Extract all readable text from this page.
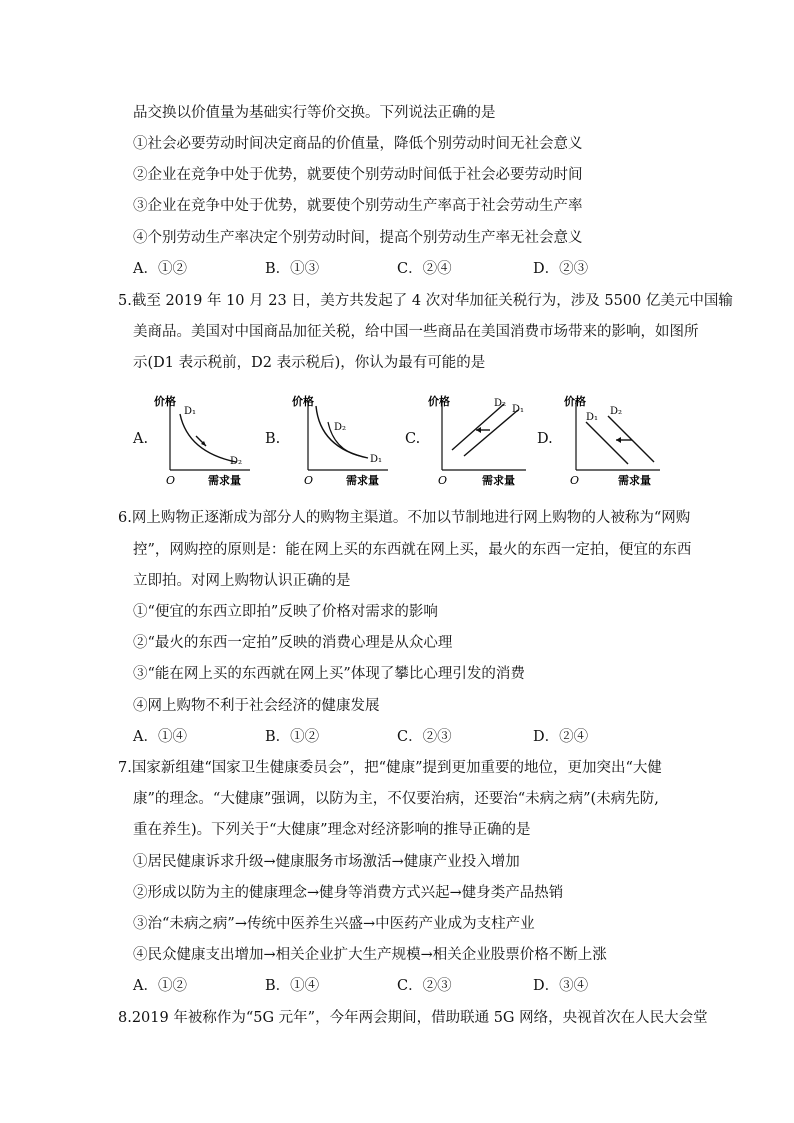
品交换以价值量为基础实行等价交换。下列说法正确的是
①社会必要劳动时间决定商品的价值量，降低个别劳动时间无社会意义
②企业在竞争中处于优势，就要使个别劳动时间低于社会必要劳动时间
③企业在竞争中处于优势，就要使个别劳动生产率高于社会劳动生产率
④个别劳动生产率决定个别劳动时间，提高个别劳动生产率无社会意义
A．①②	B．①③	C．②④	D．②③
5.截至 2019 年 10 月 23 日，美方共发起了 4 次对华加征关税行为，涉及 5500 亿美元中国输
美商品。美国对中国商品加征关税，给中国一些商品在美国消费市场带来的影响，如图所
示(D1 表示税前，D2 表示税后)，你认为最有可能的是
A.
价格
O	需求量
D₁
D₂
B.
价格
O	需求量
D₂
D₁
C.
价格
O	需求量
D₂
D₁
D.
价格
O	需求量
D₁
D₂
6.网上购物正逐渐成为部分人的购物主渠道。不加以节制地进行网上购物的人被称为“网购
控”，网购控的原则是：能在网上买的东西就在网上买，最火的东西一定拍，便宜的东西
立即拍。对网上购物认识正确的是
①“便宜的东西立即拍”反映了价格对需求的影响
②“最火的东西一定拍”反映的消费心理是从众心理
③“能在网上买的东西就在网上买”体现了攀比心理引发的消费
④网上购物不利于社会经济的健康发展
A．①④	B．①②	C．②③	D．②④
7.国家新组建“国家卫生健康委员会”，把“健康”提到更加重要的地位，更加突出“大健
康”的理念。“大健康”强调，以防为主，不仅要治病，还要治“未病之病”(未病先防,
重在养生)。下列关于“大健康”理念对经济影响的推导正确的是
①居民健康诉求升级→健康服务市场激活→健康产业投入增加
②形成以防为主的健康理念→健身等消费方式兴起→健身类产品热销
③治“未病之病”→传统中医养生兴盛→中医药产业成为支柱产业
④民众健康支出增加→相关企业扩大生产规模→相关企业股票价格不断上涨
A．①②	B．①④	C．②③	D．③④
8.2019 年被称作为“5G 元年”，今年两会期间，借助联通 5G 网络，央视首次在人民大会堂
